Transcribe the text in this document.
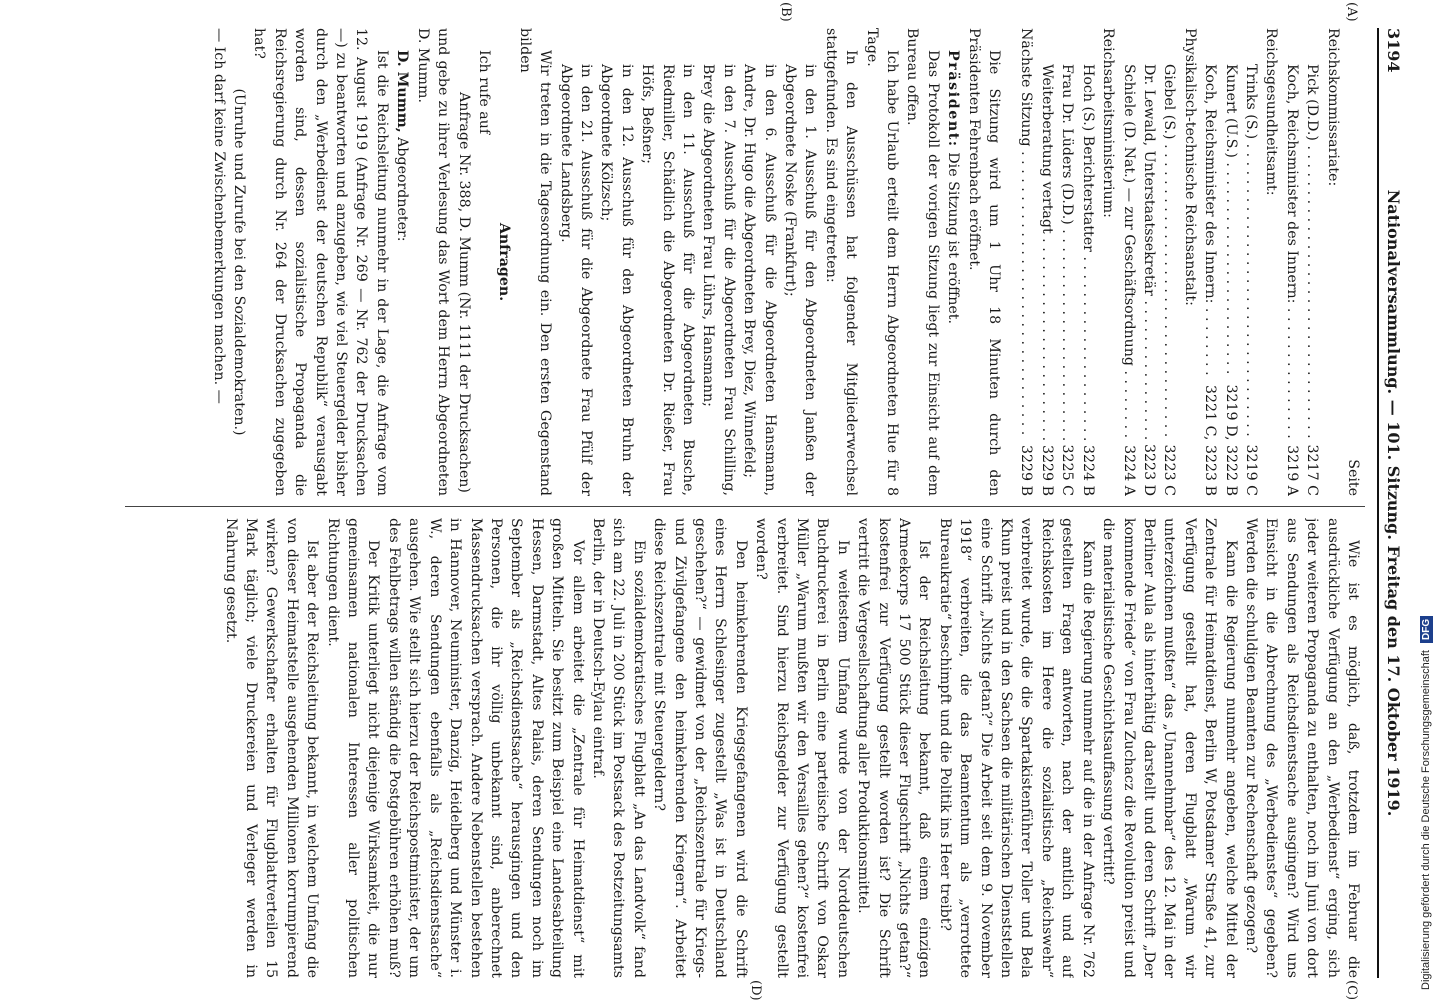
3194
Nationalversammlung. — 101. Sitzung. Freitag den 17. Oktober 1919.
(A)
(B)
(C)
(D)
Seite
Reichskommissariate:
Pick (D.D.) . . .
3217 C
Koch, Reichsminister des Innern: . . .
3219 A
Reichsgesundheitsamt:
Trinks (S.) . . .
3219 C
Kunert (U.S.) . . .
3219 D, 3222 B
Koch, Reichsminister des Innern: . . .
3221 C, 3223 B
Physikalisch-technische Reichsanstalt:
Giebel (S.) . . .
3223 C
Dr. Lewald, Unterstaatssekretär . . .
3223 D
Schiele (D. Nat.) — zur Geschäftsordnung . . .
3224 A
Reichsarbeitsministerium:
Hoch (S.) Berichterstatter . . .
3224 B
Frau Dr. Lüders (D.D.) . . .
3225 C
Weiterberatung vertagt . . .
3229 B
Nächste Sitzung . . .
3229 B

Die Sitzung wird um 1 Uhr 18 Minuten durch den Präsidenten Fehrenbach eröffnet.

Präsident: Die Sitzung ist eröffnet.

Das Protokoll der vorigen Sitzung liegt zur Einsicht auf dem Bureau offen.

Ich habe Urlaub erteilt dem Herrn Abgeordneten Hue für 8 Tage.

In den Ausschüssen hat folgender Mitgliederwechsel stattgefunden. Es sind eingetreten:

in den 1. Ausschuß für den Abgeordneten Janßen der Abgeordnete Noske (Frankfurt);

in den 6. Ausschuß für die Abgeordneten Hansmann, Andre, Dr. Hugo die Abgeordneten Brey, Diez, Winnefeld;

in den 7. Ausschuß für die Abgeordneten Frau Schilling, Brey die Abgeordneten Frau Lührs, Hansmann;

in den 11. Ausschuß für die Abgeordneten Busche, Riedmiller, Schädlich die Abgeordneten Dr. Rießer, Frau Höfs, Beßner;

in den 12. Ausschuß für den Abgeordneten Bruhn der Abgeordnete Kölzsch;

in den 21. Ausschuß für die Abgeordnete Frau Pfülf der Abgeordnete Landsberg.

Wir treten in die Tagesordnung ein. Den ersten Gegenstand bilden

Anfragen.

Ich rufe auf

Anfrage Nr. 388, D. Mumm (Nr. 1111 der Drucksachen)

und gebe zu ihrer Verlesung das Wort dem Herrn Abgeordneten D. Mumm.

D. Mumm, Abgeordneter:

Ist die Reichsleitung nunmehr in der Lage, die Anfrage vom 12. August 1919 (Anfrage Nr. 269 — Nr. 762 der Drucksachen —) zu beantworten und anzugeben, wie viel Steuergelder bisher durch den „Werbedienst der deutschen Republik“ verausgabt worden sind, dessen sozialistische Propaganda die Reichsregierung durch Nr. 264 der Drucksachen zugegeben hat?

(Unruhe und Zurufe bei den Sozialdemokraten.)

— Ich darf keine Zwischenbemerkungen machen. —

Wie ist es möglich, daß, trotzdem im Februar die ausdrückliche Verfügung an den „Werbedienst“ erging, sich jeder weiteren Propaganda zu enthalten, noch im Juni von dort aus Sendungen als Reichsdienstsache ausgingen? Wird uns Einsicht in die Abrechnung des „Werbedienstes“ gegeben? Werden die schuldigen Beamten zur Rechenschaft gezogen?

Kann die Regierung nunmehr angeben, welche Mittel der Zentrale für Heimatdienst, Berlin W, Potsdamer Straße 41, zur Verfügung gestellt hat, deren Flugblatt „Warum wir unterzeichnen mußten“ das „Unannehmbar“ des 12. Mai in der Berliner Aula als hinterhältig darstellt und deren Schrift „Der kommende Friede“ von Frau Zuchacz die Revolution preist und die materialistische Geschichtsauffassung vertritt?

Kann die Regierung nunmehr auf die in der Anfrage Nr. 762 gestellten Fragen antworten, nach der amtlich und auf Reichskosten im Heere die sozialistische „Reichswehr“ verbreitet wurde, die die Spartakistenführer Toller und Bela Khun preist und in den Sachsen die militärischen Dienststellen eine Schrift „Nichts getan?“ Die Arbeit seit dem 9. November 1918“ verbreiten, die das Beamtentum als „verrottete Bureaukratie“ beschimpft und die Politik ins Heer treibt?

Ist der Reichsleitung bekannt, daß einem einzigen Armeekorps 17 500 Stück dieser Flugschrift „Nichts getan?“ kostenfrei zur Verfügung gestellt worden ist? Die Schrift vertritt die Vergesellschaftung aller Produktionsmittel.

In weitestem Umfang wurde von der Norddeutschen Buchdruckerei in Berlin eine parteiische Schrift von Oskar Müller „Warum mußten wir den Versailles gehen?“ kostenfrei verbreitet. Sind hierzu Reichsgelder zur Verfügung gestellt worden?

Den heimkehrenden Kriegsgefangenen wird die Schrift eines Herrn Schlesinger zugestellt „Was ist in Deutschland geschehen?“ — gewidmet von der „Reichszentrale für Kriegs- und Zivilgefangene den heimkehrenden Kriegern“. Arbeitet diese Reichszentrale mit Steuergeldern?

Ein sozialdemokratisches Flugblatt „An das Landvolk“ fand sich am 22. Juli in 200 Stück im Postsack des Postzeitungsamts Berlin, der in Deutsch-Eylau eintraf.

Vor allem arbeitet die „Zentrale für Heimatdienst“ mit großen Mitteln. Sie besitzt zum Beispiel eine Landesabteilung Hessen, Darmstadt, Altes Palais, deren Sendungen noch im September als „Reichsdienstsache“ herausgingen und den Personen, die ihr völlig unbekannt sind, anberechnet Massendrucksachen versprach. Andere Nebenstellen bestehen in Hannover, Neuminister, Danzig, Heidelberg und Münster i. W., deren Sendungen ebenfalls als „Reichsdienstsache“ ausgehen. Wie stellt sich hierzu der Reichspostminister, der um des Fehlbetrags willen ständig die Postgebühren erhöhen muß?

Der Kritik unterliegt nicht diejenige Wirksamkeit, die nur gemeinsamen nationalen Interessen aller politischen Richtungen dient.

Ist aber der Reichsleitung bekannt, in welchem Umfang die von dieser Heimatstelle ausgehenden Millionen korrumpierend wirken? Gewerkschafter erhalten für Flugblattverteilen 15 Mark täglich; viele Druckereien und Verleger werden in Nahrung gesetzt.

Digitalisierung gefördert durch die Deutsche Forschungsgemeinschaft DFG
